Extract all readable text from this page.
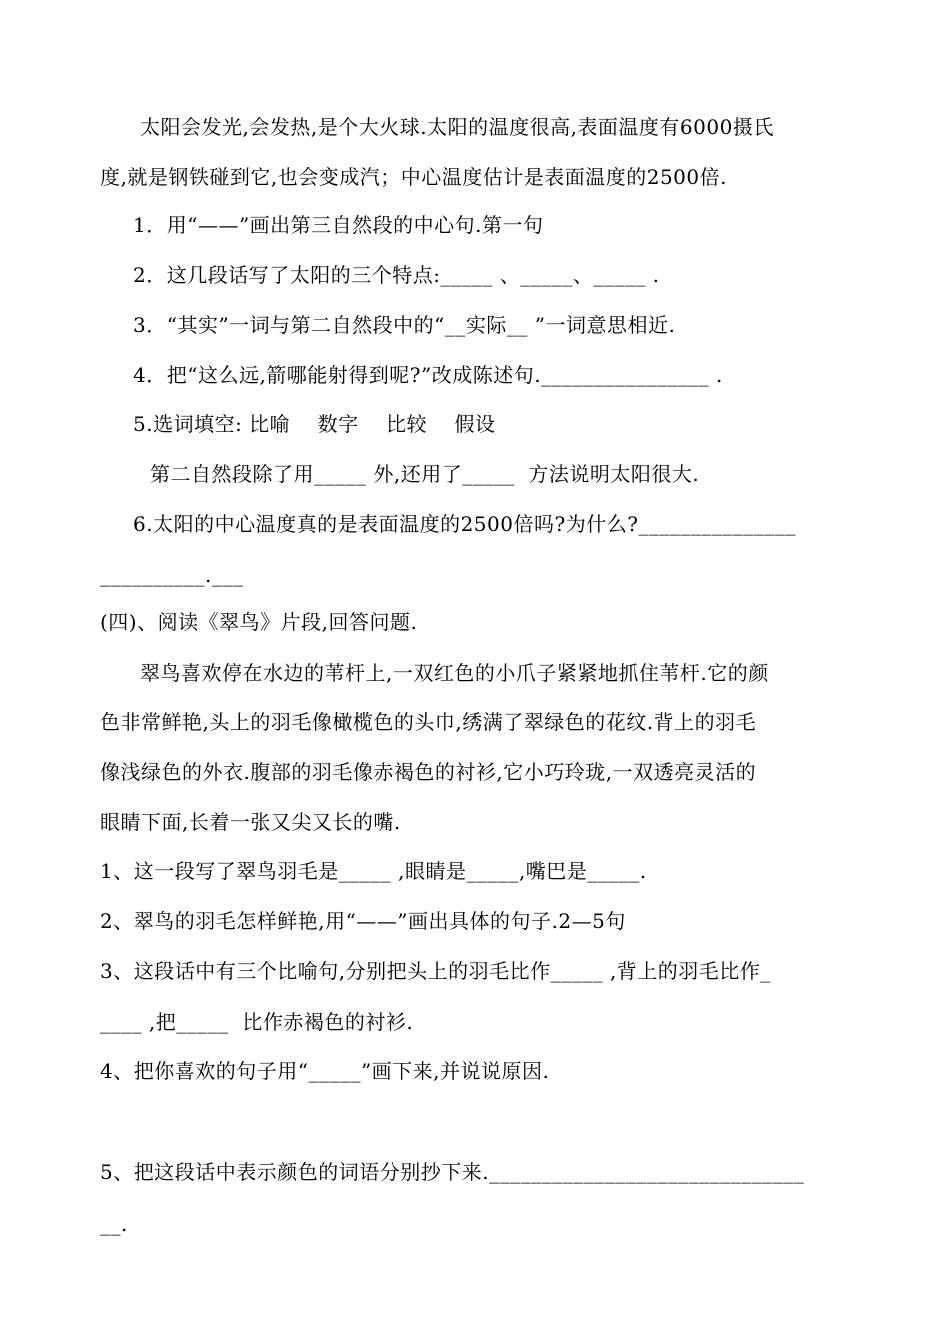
太阳会发光,会发热,是个大火球.太阳的温度很高,表面温度有6000摄氏
度,就是钢铁碰到它,也会变成汽；中心温度估计是表面温度的2500倍.
1．用“——”画出第三自然段的中心句.第一句
2．这几段话写了太阳的三个特点:_____ 、_____、_____ .
3．“其实”一词与第二自然段中的“__实际__ ”一词意思相近.
4．把“这么远,箭哪能射得到呢?”改成陈述句.________________ .
5.选词填空: 比喻    数字    比较    假设
第二自然段除了用_____ 外,还用了_____  方法说明太阳很大.
6.太阳的中心温度真的是表面温度的2500倍吗?为什么?_______________
__________.___
(四)、阅读《翠鸟》片段,回答问题.
翠鸟喜欢停在水边的苇杆上,一双红色的小爪子紧紧地抓住苇杆.它的颜
色非常鲜艳,头上的羽毛像橄榄色的头巾,绣满了翠绿色的花纹.背上的羽毛
像浅绿色的外衣.腹部的羽毛像赤褐色的衬衫,它小巧玲珑,一双透亮灵活的
眼睛下面,长着一张又尖又长的嘴.
1、这一段写了翠鸟羽毛是_____ ,眼睛是_____,嘴巴是_____.
2、翠鸟的羽毛怎样鲜艳,用“——”画出具体的句子.2—5句
3、这段话中有三个比喻句,分别把头上的羽毛比作_____ ,背上的羽毛比作_
____ ,把_____  比作赤褐色的衬衫.
4、把你喜欢的句子用“_____”画下来,并说说原因.
5、把这段话中表示颜色的词语分别抄下来.______________________________
__.
